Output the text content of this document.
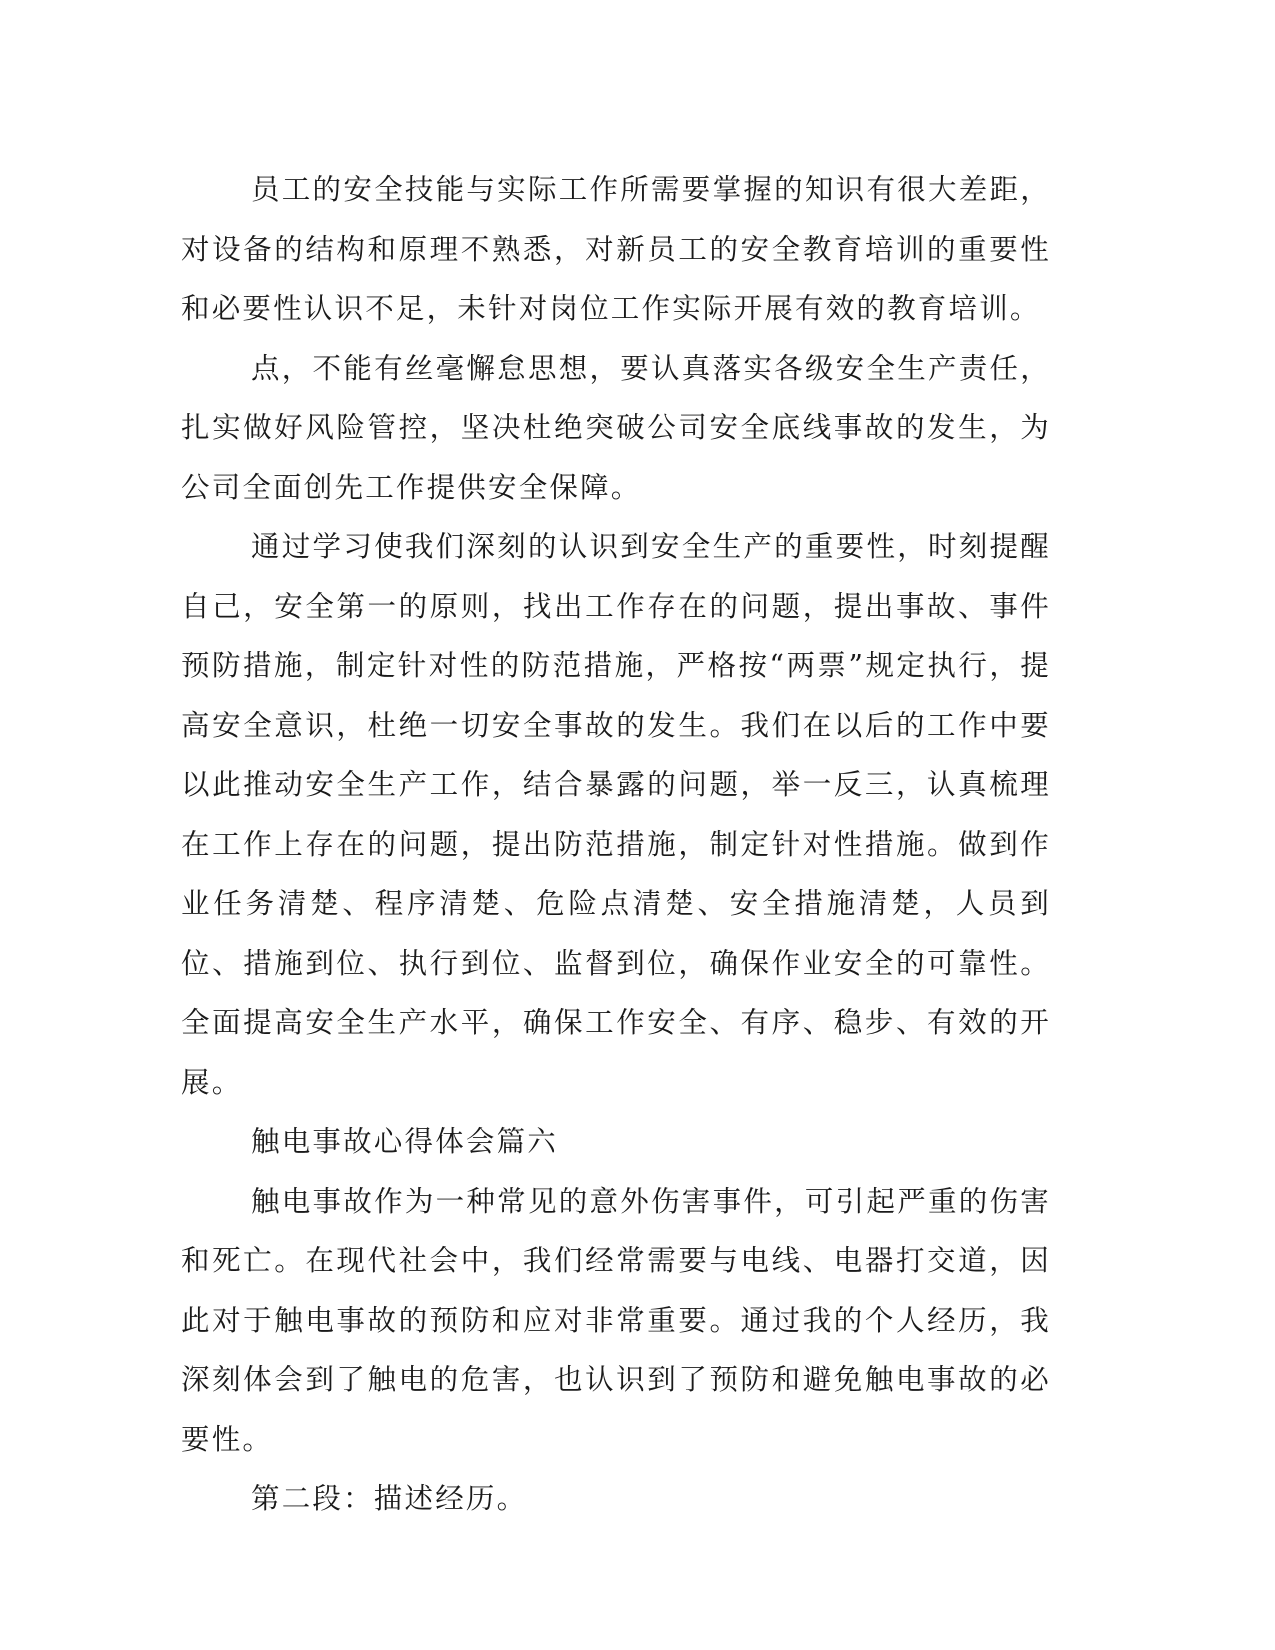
员工的安全技能与实际工作所需要掌握的知识有很大差距，对设备的结构和原理不熟悉，对新员工的安全教育培训的重要性和必要性认识不足，未针对岗位工作实际开展有效的教育培训。

点，不能有丝毫懈怠思想，要认真落实各级安全生产责任，扎实做好风险管控，坚决杜绝突破公司安全底线事故的发生，为公司全面创先工作提供安全保障。

通过学习使我们深刻的认识到安全生产的重要性，时刻提醒自己，安全第一的原则，找出工作存在的问题，提出事故、事件预防措施，制定针对性的防范措施，严格按“两票”规定执行，提高安全意识，杜绝一切安全事故的发生。我们在以后的工作中要以此推动安全生产工作，结合暴露的问题，举一反三，认真梳理在工作上存在的问题，提出防范措施，制定针对性措施。做到作业任务清楚、程序清楚、危险点清楚、安全措施清楚，人员到位、措施到位、执行到位、监督到位，确保作业安全的可靠性。全面提高安全生产水平，确保工作安全、有序、稳步、有效的开展。

触电事故心得体会篇六

触电事故作为一种常见的意外伤害事件，可引起严重的伤害和死亡。在现代社会中，我们经常需要与电线、电器打交道，因此对于触电事故的预防和应对非常重要。通过我的个人经历，我深刻体会到了触电的危害，也认识到了预防和避免触电事故的必要性。

第二段：描述经历。
